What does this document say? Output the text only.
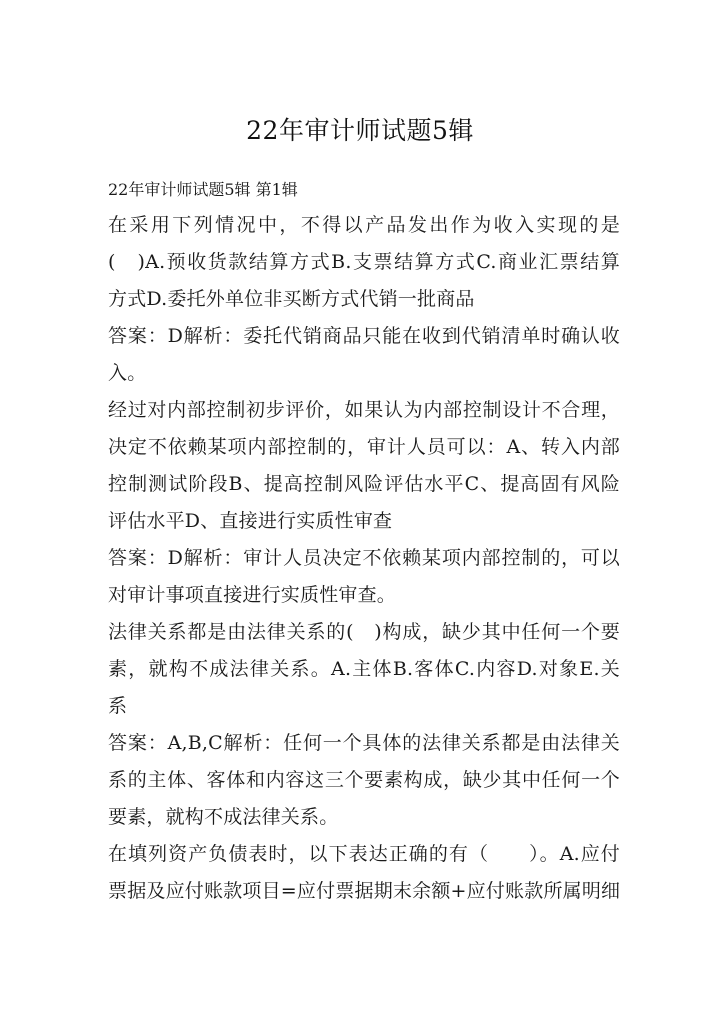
22年审计师试题5辑
22年审计师试题5辑 第1辑
在采用下列情况中，不得以产品发出作为收入实现的是
(　)A.预收货款结算方式B.支票结算方式C.商业汇票结算
方式D.委托外单位非买断方式代销一批商品
答案：D解析：委托代销商品只能在收到代销清单时确认收
入。
经过对内部控制初步评价，如果认为内部控制设计不合理，
决定不依赖某项内部控制的，审计人员可以：A、转入内部
控制测试阶段B、提高控制风险评估水平C、提高固有风险
评估水平D、直接进行实质性审查
答案：D解析：审计人员决定不依赖某项内部控制的，可以
对审计事项直接进行实质性审查。
法律关系都是由法律关系的(　)构成，缺少其中任何一个要
素，就构不成法律关系。A.主体B.客体C.内容D.对象E.关
系
答案：A,B,C解析：任何一个具体的法律关系都是由法律关
系的主体、客体和内容这三个要素构成，缺少其中任何一个
要素，就构不成法律关系。
在填列资产负债表时，以下表达正确的有（　　）。A.应付
票据及应付账款项目=应付票据期末余额+应付账款所属明细
